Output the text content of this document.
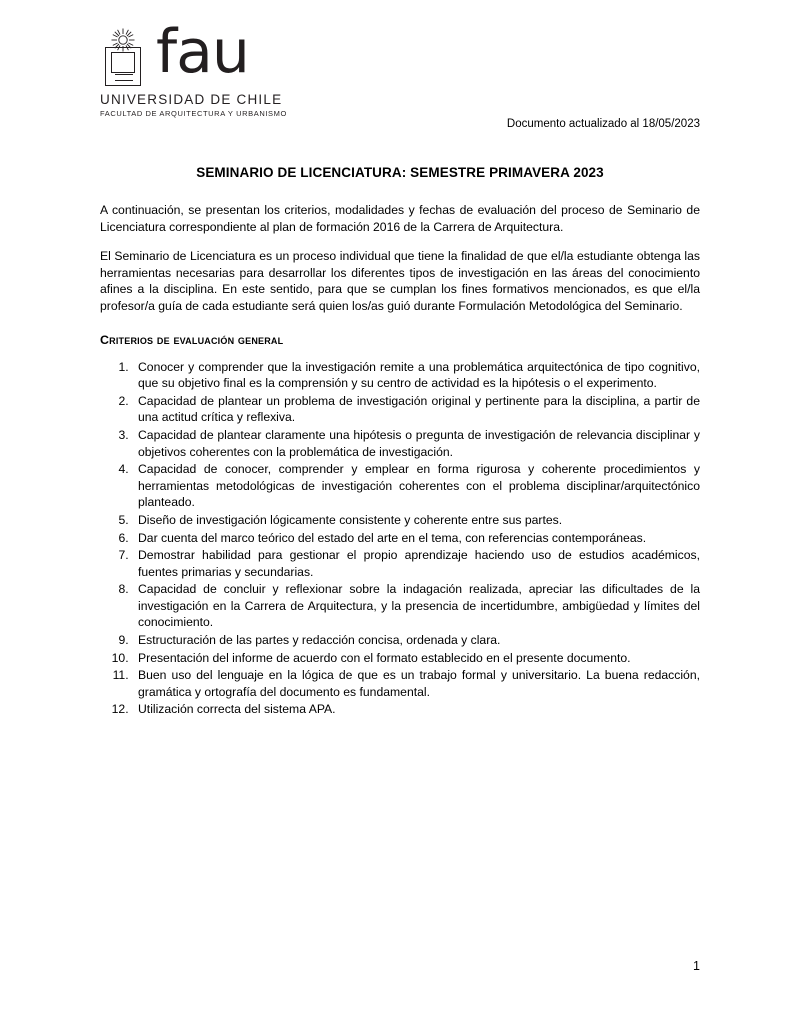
fau
UNIVERSIDAD DE CHILE
FACULTAD DE ARQUITECTURA Y URBANISMO
Documento actualizado al 18/05/2023
SEMINARIO DE LICENCIATURA: SEMESTRE PRIMAVERA 2023

A continuación, se presentan los criterios, modalidades y fechas de evaluación del proceso de Seminario de Licenciatura correspondiente al plan de formación 2016 de la Carrera de Arquitectura.

El Seminario de Licenciatura es un proceso individual que tiene la finalidad de que el/la estudiante obtenga las herramientas necesarias para desarrollar los diferentes tipos de investigación en las áreas del conocimiento afines a la disciplina. En este sentido, para que se cumplan los fines formativos mencionados, es que el/la profesor/a guía de cada estudiante será quien los/as guió durante Formulación Metodológica del Seminario.

Criterios de evaluación general
1. Conocer y comprender que la investigación remite a una problemática arquitectónica de tipo cognitivo, que su objetivo final es la comprensión y su centro de actividad es la hipótesis o el experimento.
2. Capacidad de plantear un problema de investigación original y pertinente para la disciplina, a partir de una actitud crítica y reflexiva.
3. Capacidad de plantear claramente una hipótesis o pregunta de investigación de relevancia disciplinar y objetivos coherentes con la problemática de investigación.
4. Capacidad de conocer, comprender y emplear en forma rigurosa y coherente procedimientos y herramientas metodológicas de investigación coherentes con el problema disciplinar/arquitectónico planteado.
5. Diseño de investigación lógicamente consistente y coherente entre sus partes.
6. Dar cuenta del marco teórico del estado del arte en el tema, con referencias contemporáneas.
7. Demostrar habilidad para gestionar el propio aprendizaje haciendo uso de estudios académicos, fuentes primarias y secundarias.
8. Capacidad de concluir y reflexionar sobre la indagación realizada, apreciar las dificultades de la investigación en la Carrera de Arquitectura, y la presencia de incertidumbre, ambigüedad y límites del conocimiento.
9. Estructuración de las partes y redacción concisa, ordenada y clara.
10. Presentación del informe de acuerdo con el formato establecido en el presente documento.
11. Buen uso del lenguaje en la lógica de que es un trabajo formal y universitario. La buena redacción, gramática y ortografía del documento es fundamental.
12. Utilización correcta del sistema APA.
1
